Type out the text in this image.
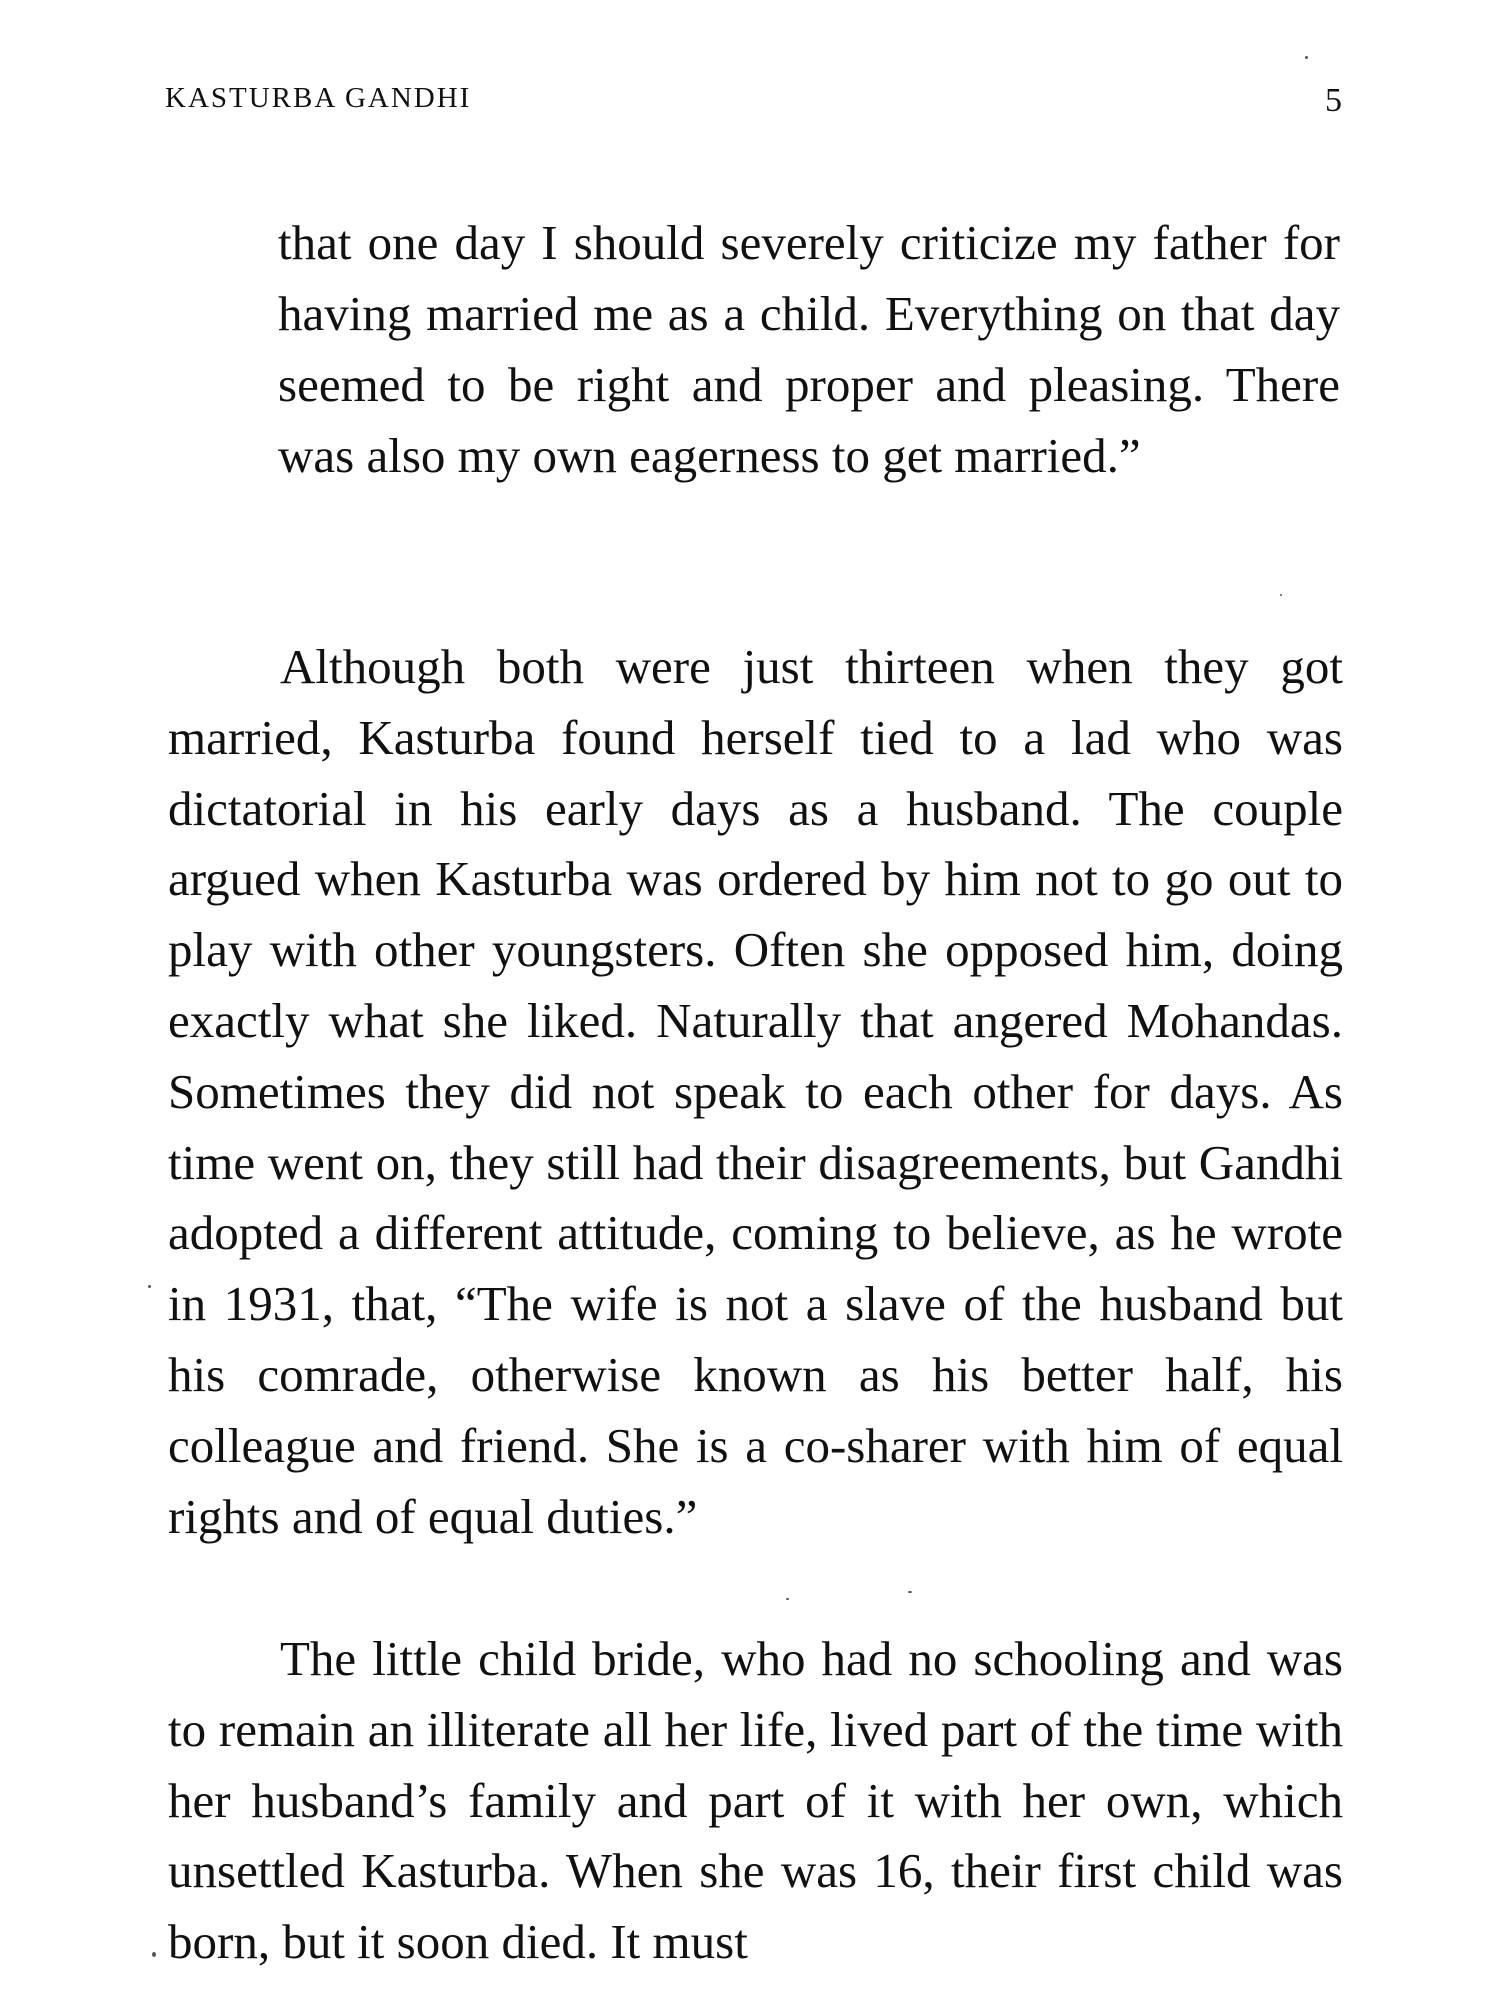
KASTURBA GANDHI	5

that one day I should severely criticize my father for having married me as a child. Everything on that day seemed to be right and proper and pleasing. There was also my own eagerness to get married.”

Although both were just thirteen when they got married, Kasturba found herself tied to a lad who was dictatorial in his early days as a husband. The couple argued when Kasturba was ordered by him not to go out to play with other youngsters. Often she opposed him, doing exactly what she liked. Naturally that angered Mohandas. Sometimes they did not speak to each other for days. As time went on, they still had their disagreements, but Gandhi adopted a different attitude, coming to believe, as he wrote in 1931, that, “The wife is not a slave of the husband but his comrade, otherwise known as his better half, his colleague and friend. She is a co-sharer with him of equal rights and of equal duties.”

The little child bride, who had no schooling and was to remain an illiterate all her life, lived part of the time with her husband’s family and part of it with her own, which unsettled Kasturba. When she was 16, their first child was born, but it soon died. It must
